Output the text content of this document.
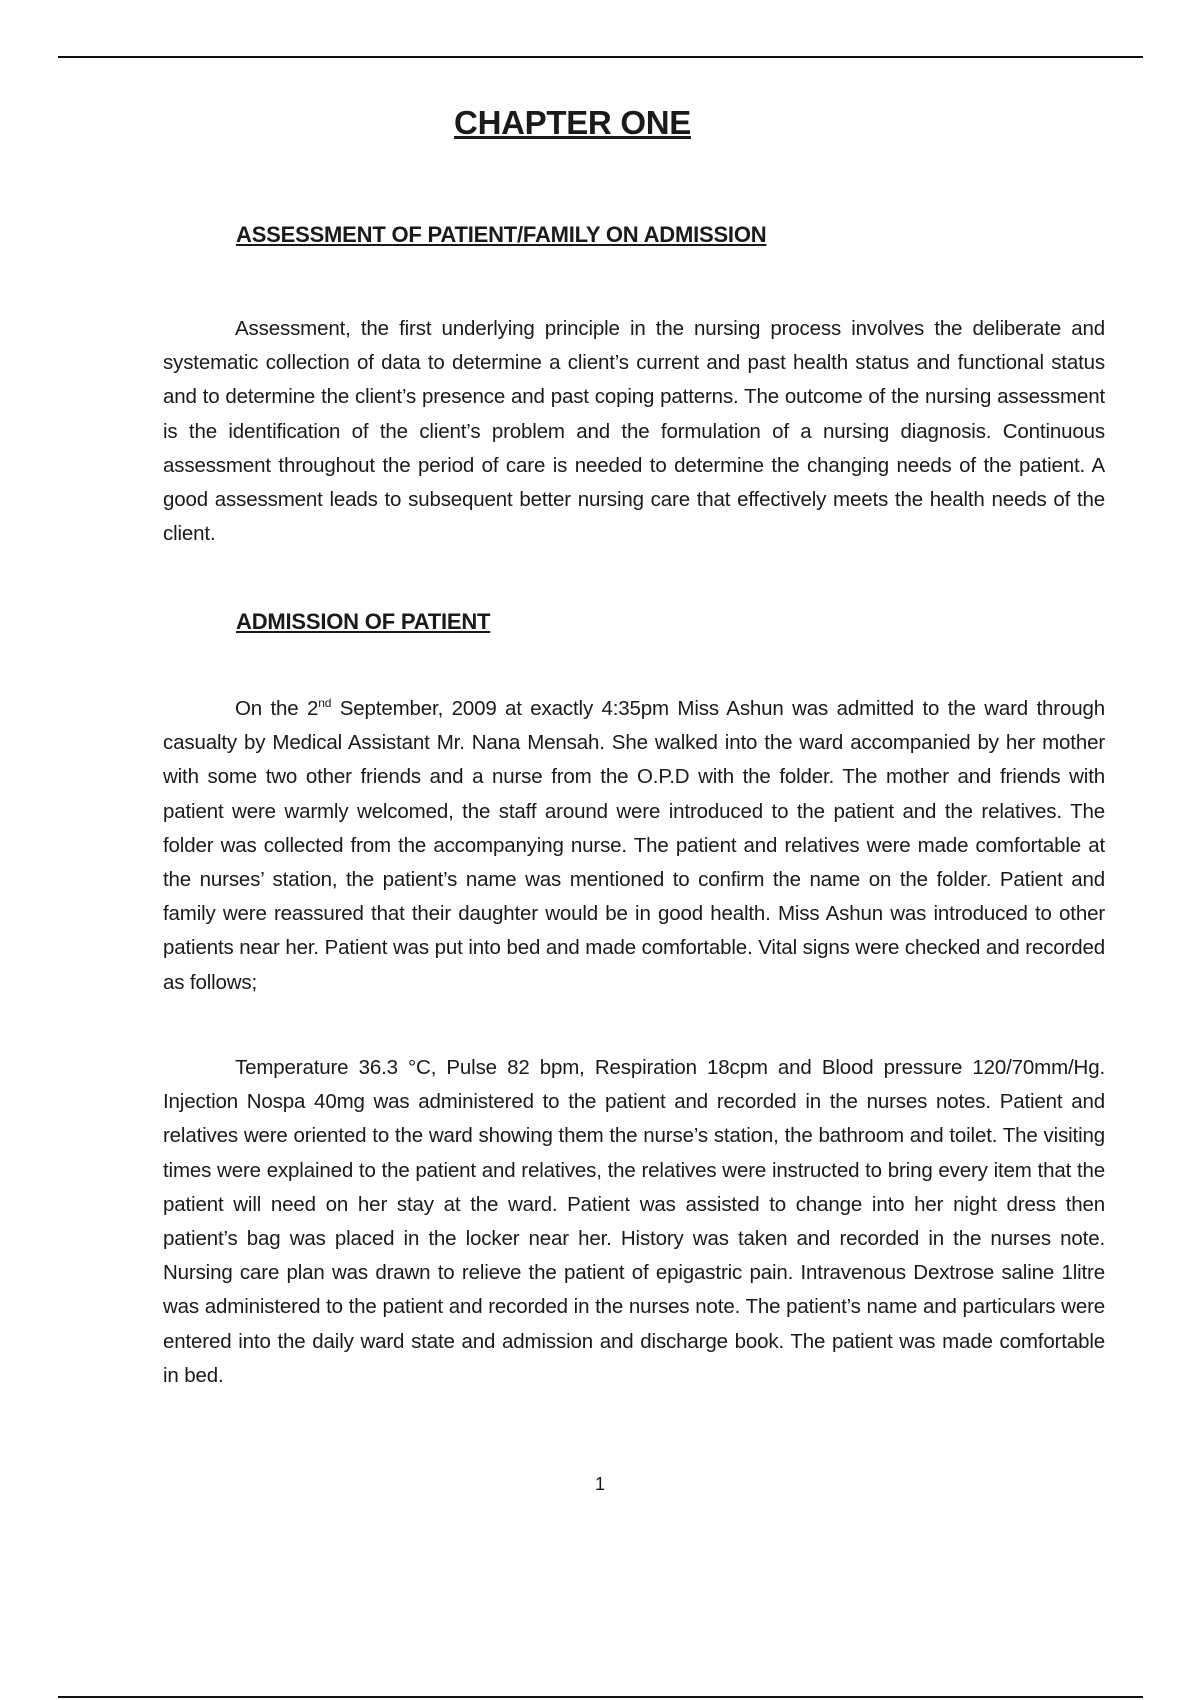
CHAPTER ONE
ASSESSMENT OF PATIENT/FAMILY ON ADMISSION

Assessment, the first underlying principle in the nursing process involves the deliberate and systematic collection of data to determine a client’s current and past health status and functional status and to determine the client’s presence and past coping patterns. The outcome of the nursing assessment is the identification of the client’s problem and the formulation of a nursing diagnosis. Continuous assessment throughout the period of care is needed to determine the changing needs of the patient. A good assessment leads to subsequent better nursing care that effectively meets the health needs of the client.

ADMISSION OF PATIENT

On the 2nd September, 2009 at exactly 4:35pm Miss Ashun was admitted to the ward through casualty by Medical Assistant Mr. Nana Mensah. She walked into the ward accompanied by her mother with some two other friends and a nurse from the O.P.D with the folder. The mother and friends with patient were warmly welcomed, the staff around were introduced to the patient and the relatives. The folder was collected from the accompanying nurse. The patient and relatives were made comfortable at the nurses’ station, the patient’s name was mentioned to confirm the name on the folder. Patient and family were reassured that their daughter would be in good health. Miss Ashun was introduced to other patients near her. Patient was put into bed and made comfortable. Vital signs were checked and recorded as follows;

Temperature 36.3 °C, Pulse 82 bpm, Respiration 18cpm and Blood pressure 120/70mm/Hg. Injection Nospa 40mg was administered to the patient and recorded in the nurses notes. Patient and relatives were oriented to the ward showing them the nurse’s station, the bathroom and toilet. The visiting times were explained to the patient and relatives, the relatives were instructed to bring every item that the patient will need on her stay at the ward. Patient was assisted to change into her night dress then patient’s bag was placed in the locker near her. History was taken and recorded in the nurses note. Nursing care plan was drawn to relieve the patient of epigastric pain. Intravenous Dextrose saline 1litre was administered to the patient and recorded in the nurses note. The patient’s name and particulars were entered into the daily ward state and admission and discharge book. The patient was made comfortable in bed.

1
